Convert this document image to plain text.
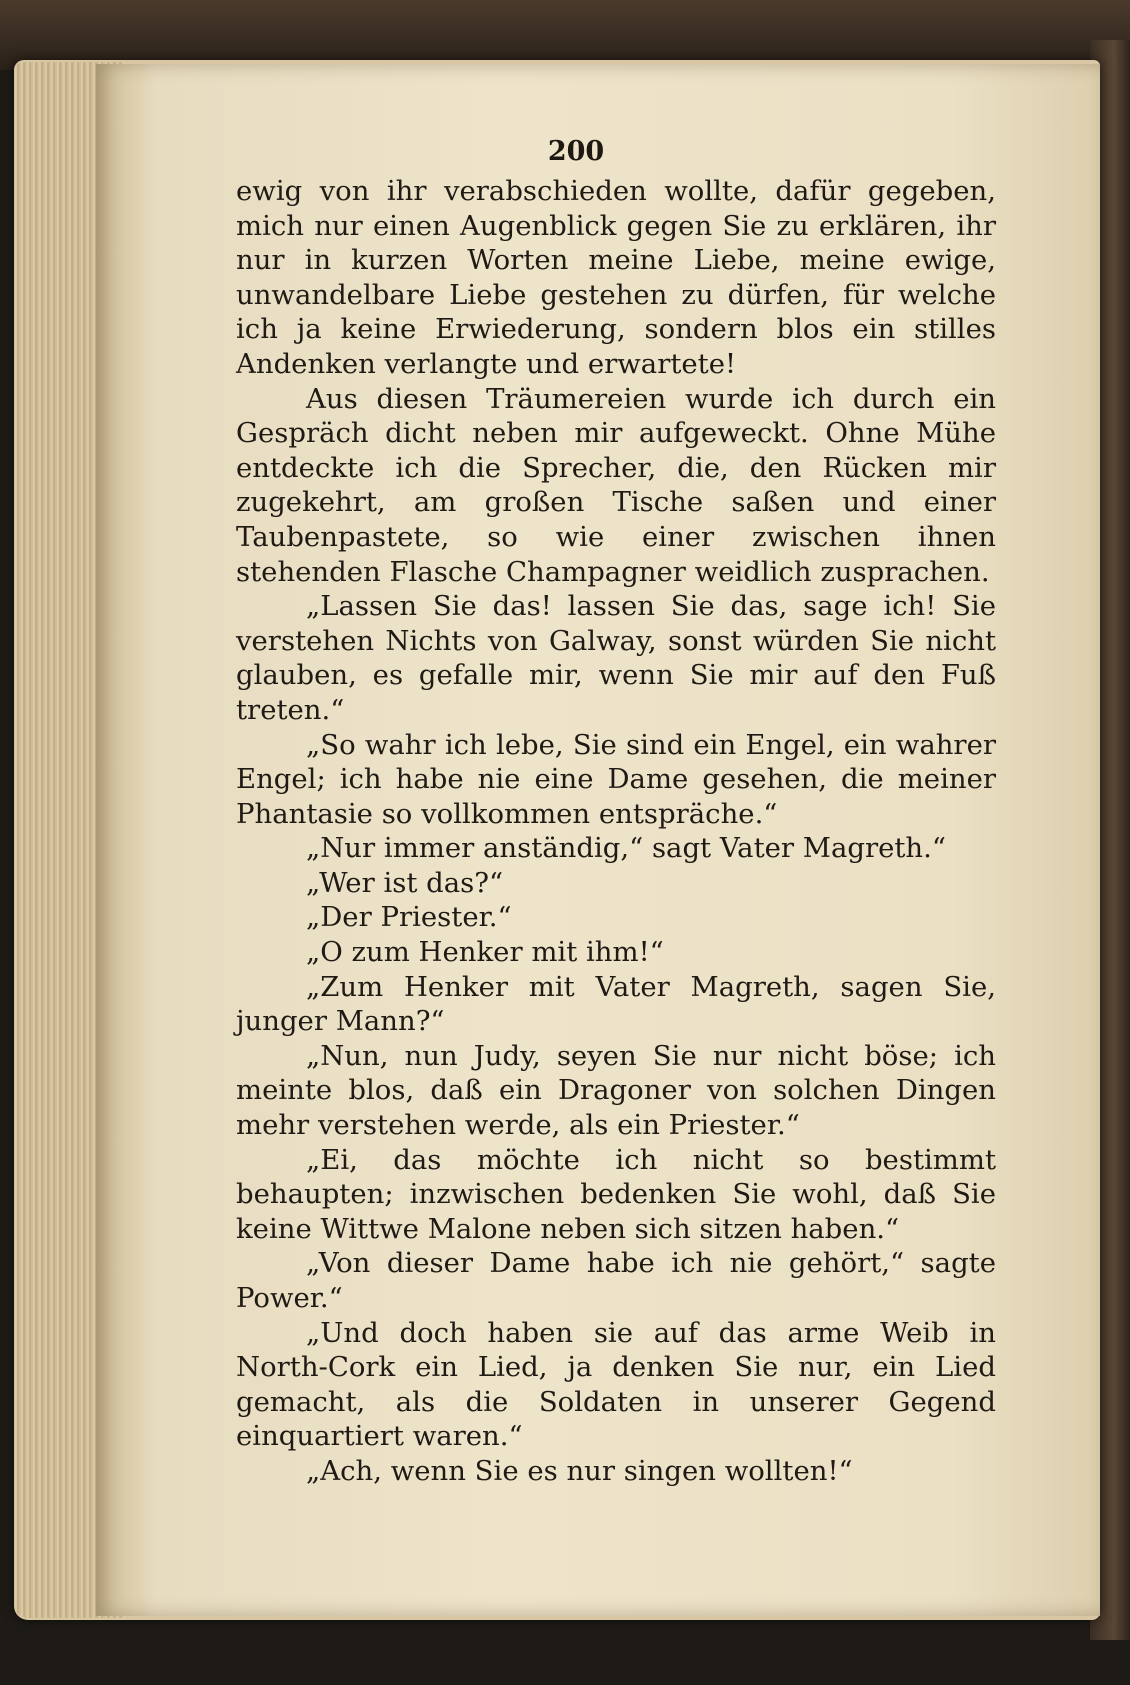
200

ewig von ihr verabschieden wollte, dafür gegeben, mich nur einen Augenblick gegen Sie zu erklären, ihr nur in kurzen Worten meine Liebe, meine ewige, unwandelbare Liebe gestehen zu dürfen, für welche ich ja keine Erwiederung, sondern blos ein stilles Andenken verlangte und erwartete!

Aus diesen Träumereien wurde ich durch ein Gespräch dicht neben mir aufgeweckt. Ohne Mühe entdeckte ich die Sprecher, die, den Rücken mir zugekehrt, am großen Tische saßen und einer Taubenpastete, so wie einer zwischen ihnen stehenden Flasche Champagner weidlich zusprachen.

„Lassen Sie das! lassen Sie das, sage ich! Sie verstehen Nichts von Galway, sonst würden Sie nicht glauben, es gefalle mir, wenn Sie mir auf den Fuß treten.“

„So wahr ich lebe, Sie sind ein Engel, ein wahrer Engel; ich habe nie eine Dame gesehen, die meiner Phantasie so vollkommen entspräche.“

„Nur immer anständig,“ sagt Vater Magreth.“

„Wer ist das?“

„Der Priester.“

„O zum Henker mit ihm!“

„Zum Henker mit Vater Magreth, sagen Sie, junger Mann?“

„Nun, nun Judy, seyen Sie nur nicht böse; ich meinte blos, daß ein Dragoner von solchen Dingen mehr verstehen werde, als ein Priester.“

„Ei, das möchte ich nicht so bestimmt behaupten; inzwischen bedenken Sie wohl, daß Sie keine Wittwe Malone neben sich sitzen haben.“

„Von dieser Dame habe ich nie gehört,“ sagte Power.“

„Und doch haben sie auf das arme Weib in North-Cork ein Lied, ja denken Sie nur, ein Lied gemacht, als die Soldaten in unserer Gegend einquartiert waren.“

„Ach, wenn Sie es nur singen wollten!“
